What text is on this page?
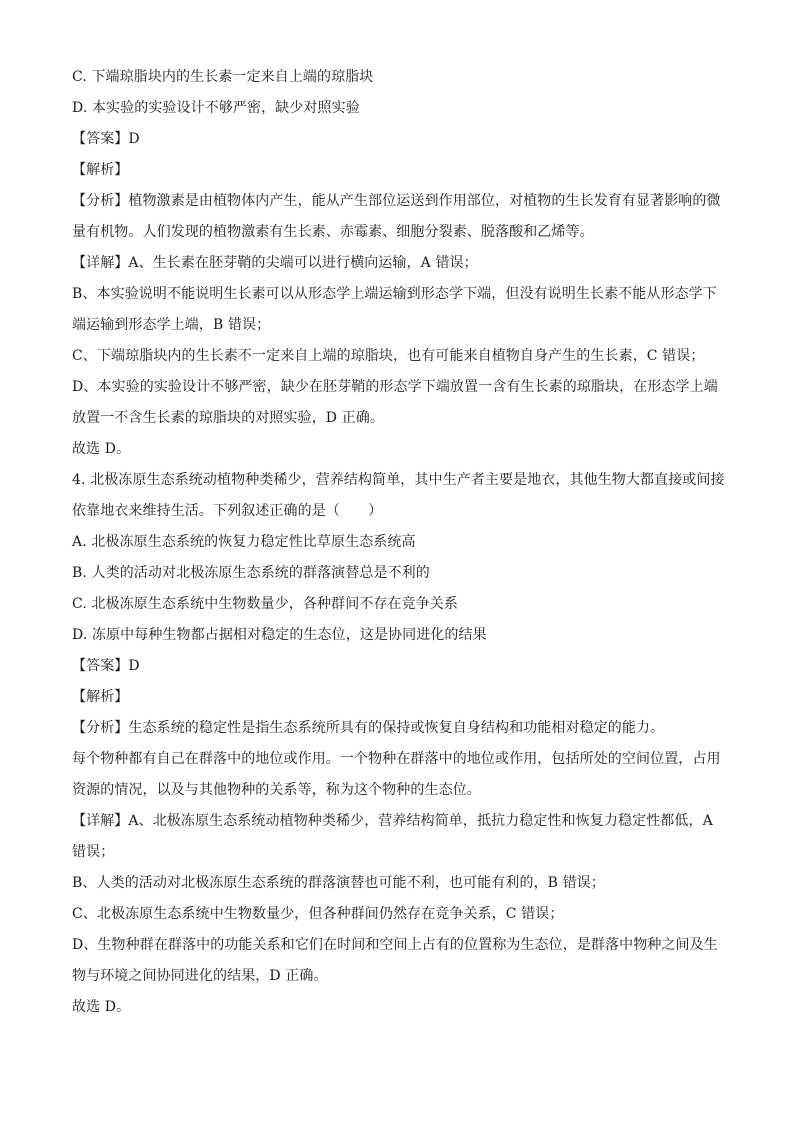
C. 下端琼脂块内的生长素一定来自上端的琼脂块
D. 本实验的实验设计不够严密，缺少对照实验
【答案】D
【解析】
【分析】植物激素是由植物体内产生，能从产生部位运送到作用部位，对植物的生长发育有显著影响的微
量有机物。人们发现的植物激素有生长素、赤霉素、细胞分裂素、脱落酸和乙烯等。
【详解】A、生长素在胚芽鞘的尖端可以进行横向运输，A 错误；
B、本实验说明不能说明生长素可以从形态学上端运输到形态学下端，但没有说明生长素不能从形态学下
端运输到形态学上端，B 错误；
C、下端琼脂块内的生长素不一定来自上端的琼脂块，也有可能来自植物自身产生的生长素，C 错误；
D、本实验的实验设计不够严密，缺少在胚芽鞘的形态学下端放置一含有生长素的琼脂块，在形态学上端
放置一不含生长素的琼脂块的对照实验，D 正确。
故选 D。
4. 北极冻原生态系统动植物种类稀少，营养结构简单，其中生产者主要是地衣，其他生物大都直接或间接
依靠地衣来维持生活。下列叙述正确的是（　　）
A. 北极冻原生态系统的恢复力稳定性比草原生态系统高
B. 人类的活动对北极冻原生态系统的群落演替总是不利的
C. 北极冻原生态系统中生物数量少，各种群间不存在竞争关系
D. 冻原中每种生物都占据相对稳定的生态位，这是协同进化的结果
【答案】D
【解析】
【分析】生态系统的稳定性是指生态系统所具有的保持或恢复自身结构和功能相对稳定的能力。
每个物种都有自己在群落中的地位或作用。一个物种在群落中的地位或作用，包括所处的空间位置，占用
资源的情况，以及与其他物种的关系等，称为这个物种的生态位。
【详解】A、北极冻原生态系统动植物种类稀少，营养结构简单，抵抗力稳定性和恢复力稳定性都低，A
错误；
B、人类的活动对北极冻原生态系统的群落演替也可能不利，也可能有利的，B 错误；
C、北极冻原生态系统中生物数量少，但各种群间仍然存在竞争关系，C 错误；
D、生物种群在群落中的功能关系和它们在时间和空间上占有的位置称为生态位，是群落中物种之间及生
物与环境之间协同进化的结果，D 正确。
故选 D。
